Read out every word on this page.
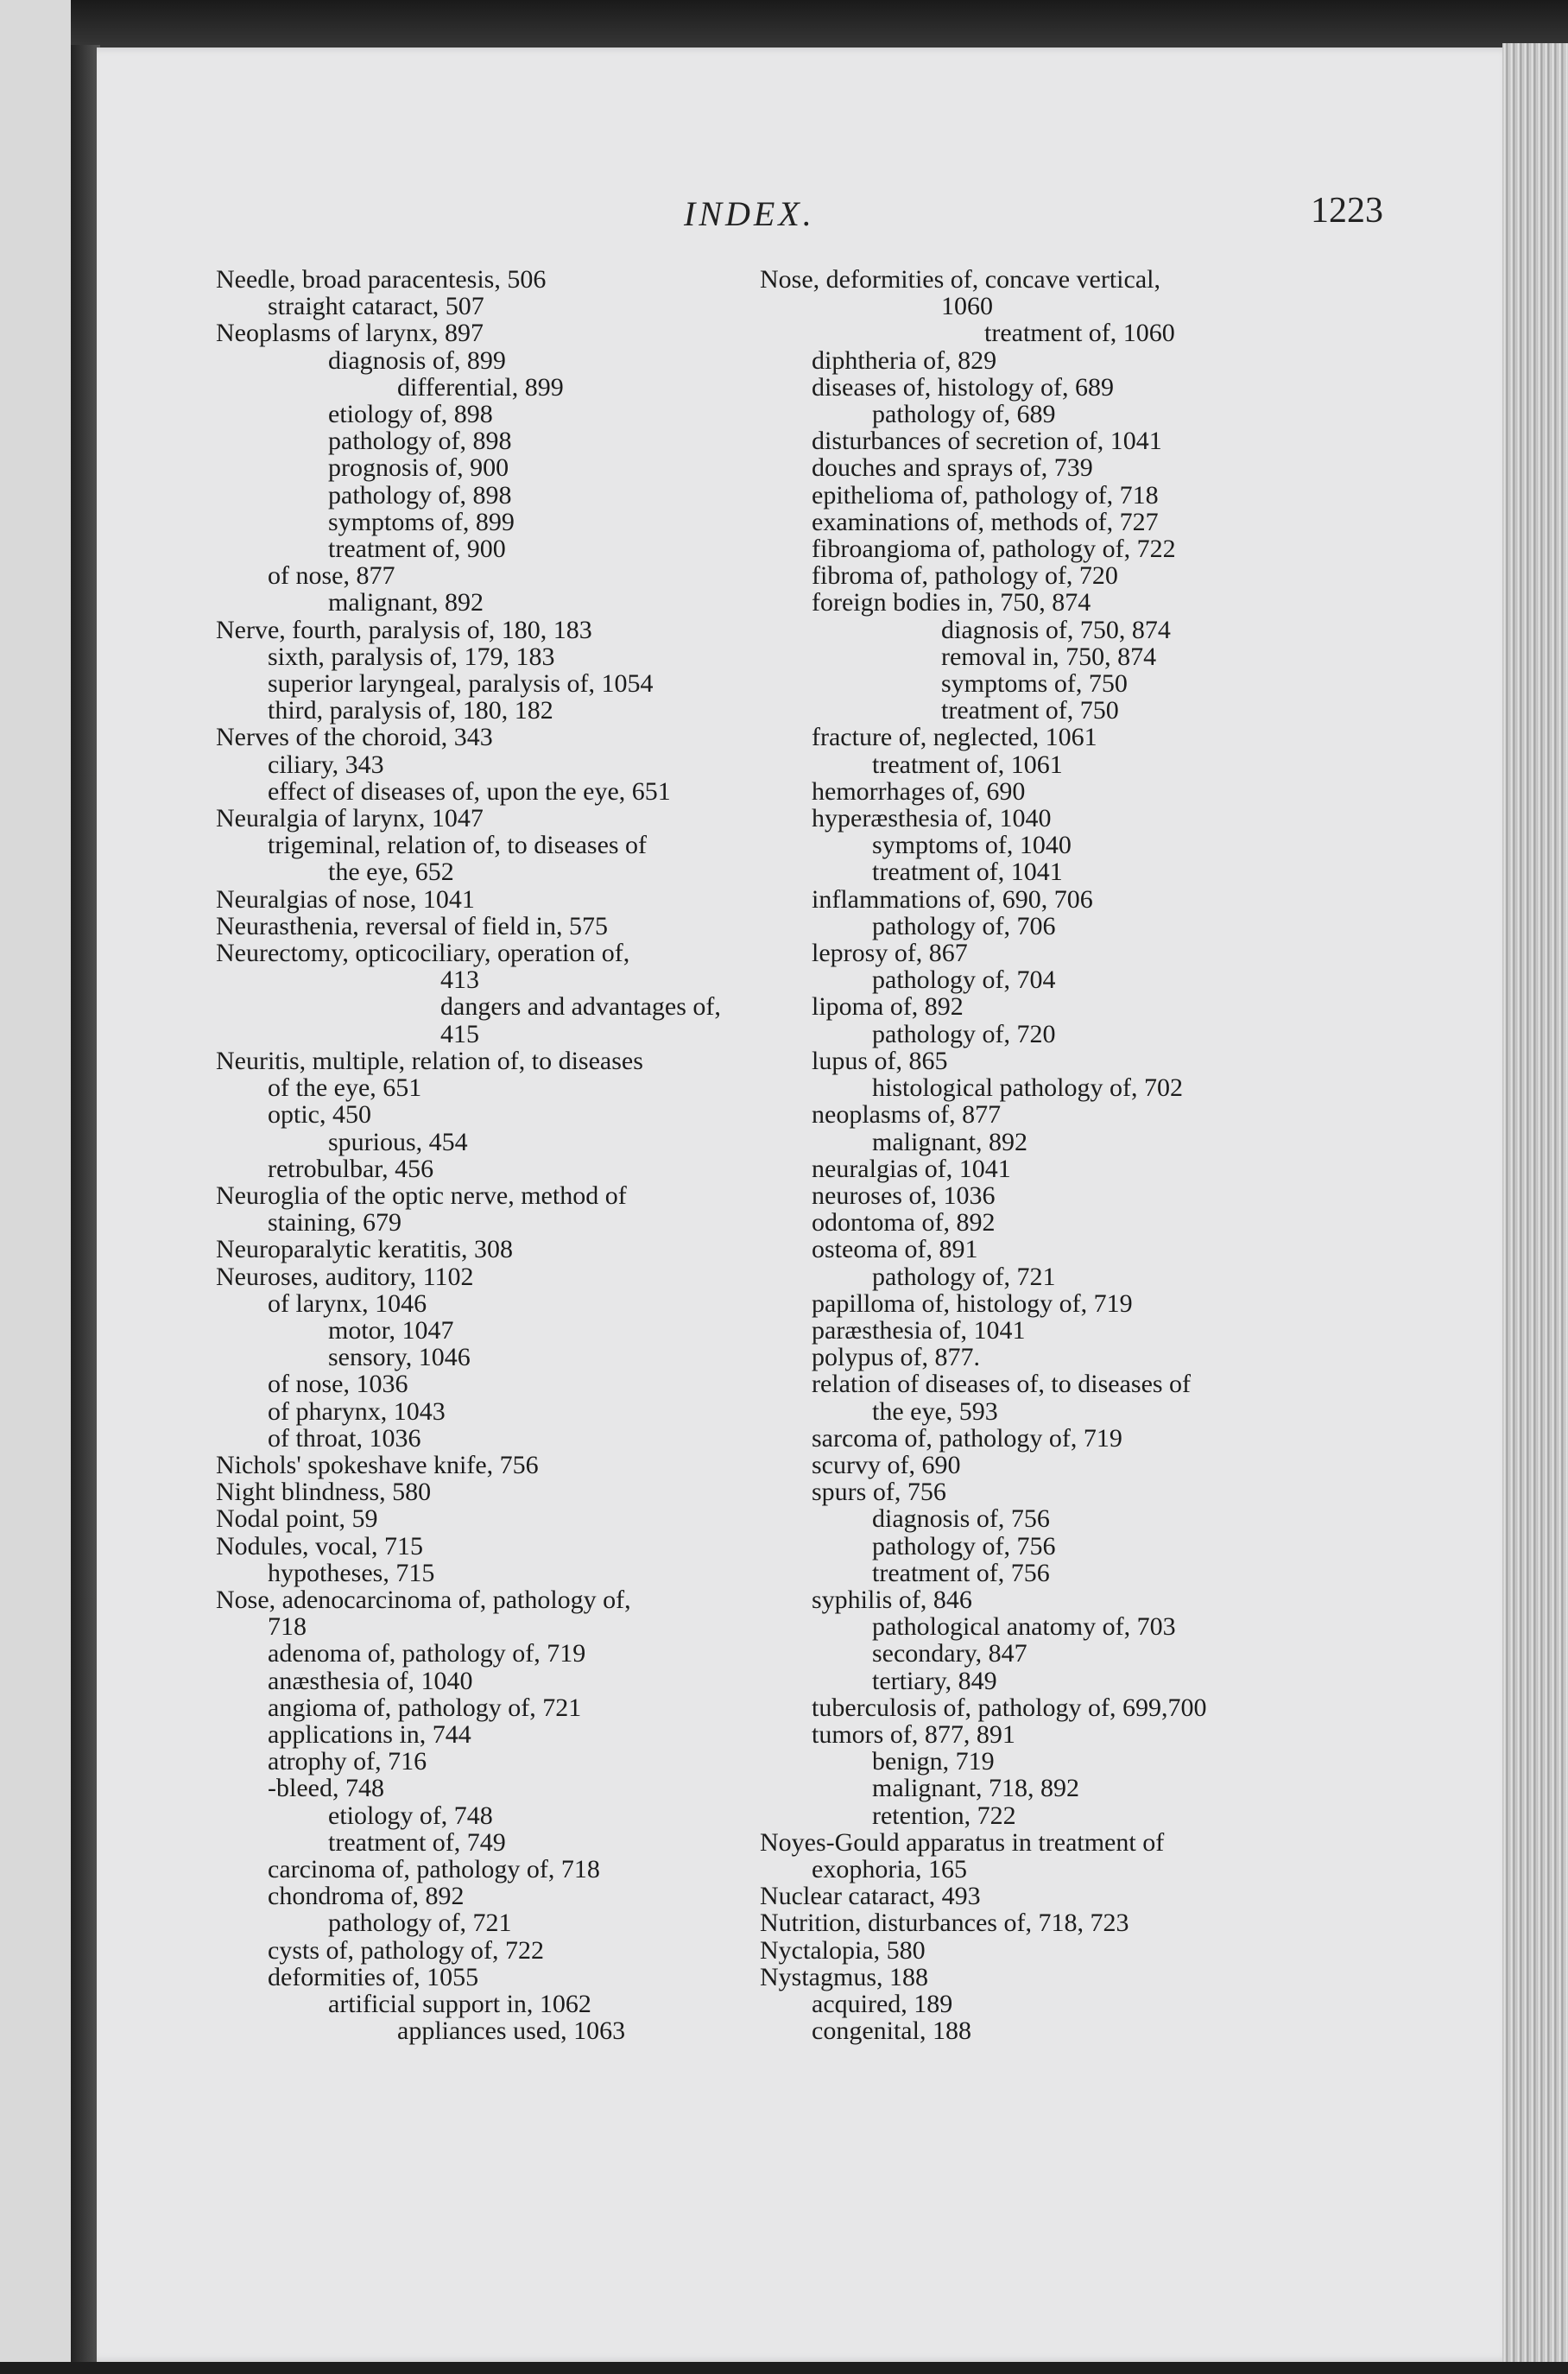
INDEX.	1223
Needle, broad paracentesis, 506
straight cataract, 507
Neoplasms of larynx, 897
diagnosis of, 899
differential, 899
etiology of, 898
pathology of, 898
prognosis of, 900
pathology of, 898
symptoms of, 899
treatment of, 900
of nose, 877
malignant, 892
Nerve, fourth, paralysis of, 180, 183
sixth, paralysis of, 179, 183
superior laryngeal, paralysis of, 1054
third, paralysis of, 180, 182
Nerves of the choroid, 343
ciliary, 343
effect of diseases of, upon the eye, 651
Neuralgia of larynx, 1047
trigeminal, relation of, to diseases of
the eye, 652
Neuralgias of nose, 1041
Neurasthenia, reversal of field in, 575
Neurectomy, opticociliary, operation of,
413
dangers and advantages of,
415
Neuritis, multiple, relation of, to diseases
of the eye, 651
optic, 450
spurious, 454
retrobulbar, 456
Neuroglia of the optic nerve, method of
staining, 679
Neuroparalytic keratitis, 308
Neuroses, auditory, 1102
of larynx, 1046
motor, 1047
sensory, 1046
of nose, 1036
of pharynx, 1043
of throat, 1036
Nichols' spokeshave knife, 756
Night blindness, 580
Nodal point, 59
Nodules, vocal, 715
hypotheses, 715
Nose, adenocarcinoma of, pathology of,
718
adenoma of, pathology of, 719
anæsthesia of, 1040
angioma of, pathology of, 721
applications in, 744
atrophy of, 716
-bleed, 748
etiology of, 748
treatment of, 749
carcinoma of, pathology of, 718
chondroma of, 892
pathology of, 721
cysts of, pathology of, 722
deformities of, 1055
artificial support in, 1062
appliances used, 1063
Nose, deformities of, concave vertical,
1060
treatment of, 1060
diphtheria of, 829
diseases of, histology of, 689
pathology of, 689
disturbances of secretion of, 1041
douches and sprays of, 739
epithelioma of, pathology of, 718
examinations of, methods of, 727
fibroangioma of, pathology of, 722
fibroma of, pathology of, 720
foreign bodies in, 750, 874
diagnosis of, 750, 874
removal in, 750, 874
symptoms of, 750
treatment of, 750
fracture of, neglected, 1061
treatment of, 1061
hemorrhages of, 690
hyperæsthesia of, 1040
symptoms of, 1040
treatment of, 1041
inflammations of, 690, 706
pathology of, 706
leprosy of, 867
pathology of, 704
lipoma of, 892
pathology of, 720
lupus of, 865
histological pathology of, 702
neoplasms of, 877
malignant, 892
neuralgias of, 1041
neuroses of, 1036
odontoma of, 892
osteoma of, 891
pathology of, 721
papilloma of, histology of, 719
paræsthesia of, 1041
polypus of, 877.
relation of diseases of, to diseases of
the eye, 593
sarcoma of, pathology of, 719
scurvy of, 690
spurs of, 756
diagnosis of, 756
pathology of, 756
treatment of, 756
syphilis of, 846
pathological anatomy of, 703
secondary, 847
tertiary, 849
tuberculosis of, pathology of, 699,700
tumors of, 877, 891
benign, 719
malignant, 718, 892
retention, 722
Noyes-Gould apparatus in treatment of
exophoria, 165
Nuclear cataract, 493
Nutrition, disturbances of, 718, 723
Nyctalopia, 580
Nystagmus, 188
acquired, 189
congenital, 188
